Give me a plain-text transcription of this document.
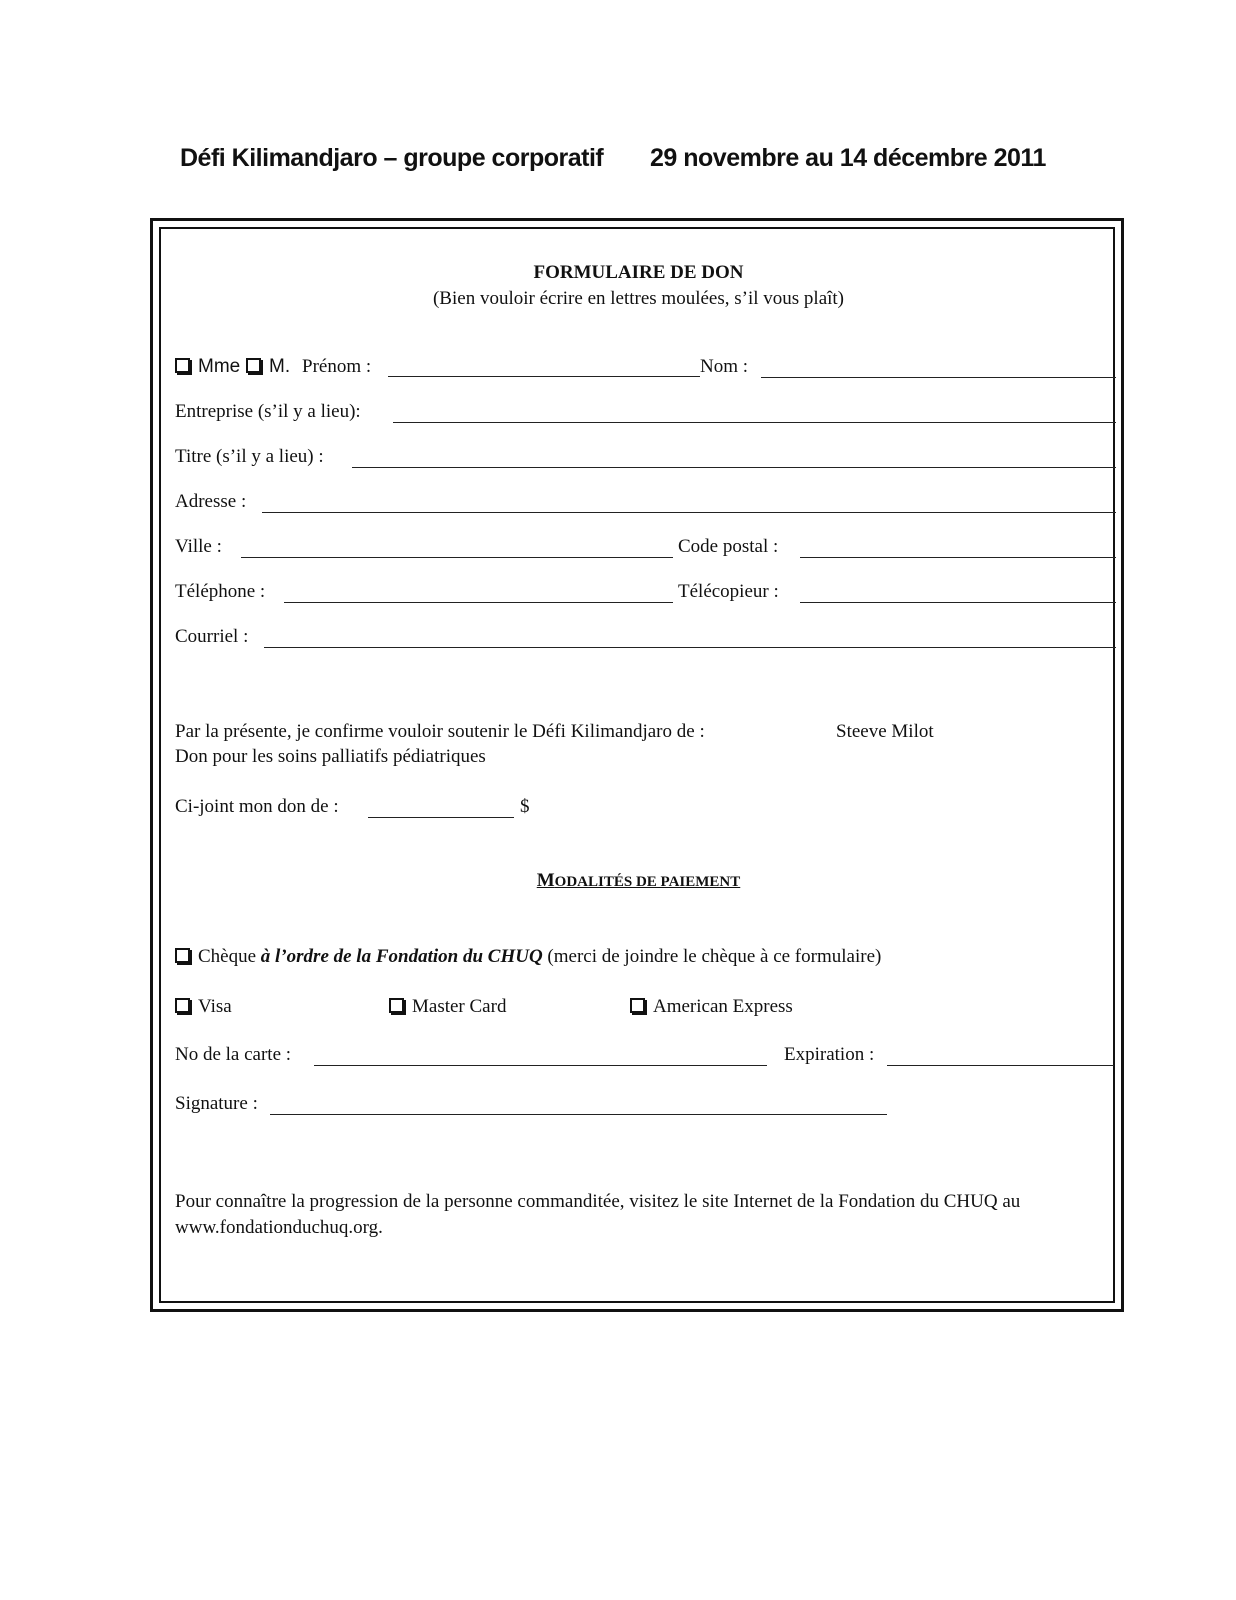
Défi Kilimandjaro – groupe corporatif 29 novembre au 14 décembre 2011
FORMULAIRE DE DON
(Bien vouloir écrire en lettres moulées, s’il vous plaît)
Mme	M. Prénom :	Nom :
Entreprise (s’il y a lieu):
Titre (s’il y a lieu) :
Adresse :
Ville :	Code postal :
Téléphone :	Télécopieur :
Courriel :
Par la présente, je confirme vouloir soutenir le Défi Kilimandjaro de :	Steeve Milot
Don pour les soins palliatifs pédiatriques
Ci-joint mon don de :	$
MODALITÉS DE PAIEMENT
Chèque à l’ordre de la Fondation du CHUQ (merci de joindre le chèque à ce formulaire)
Visa	Master Card	American Express
No de la carte :	Expiration :
Signature :
Pour connaître la progression de la personne commanditée, visitez le site Internet de la Fondation du CHUQ au www.fondationduchuq.org.
